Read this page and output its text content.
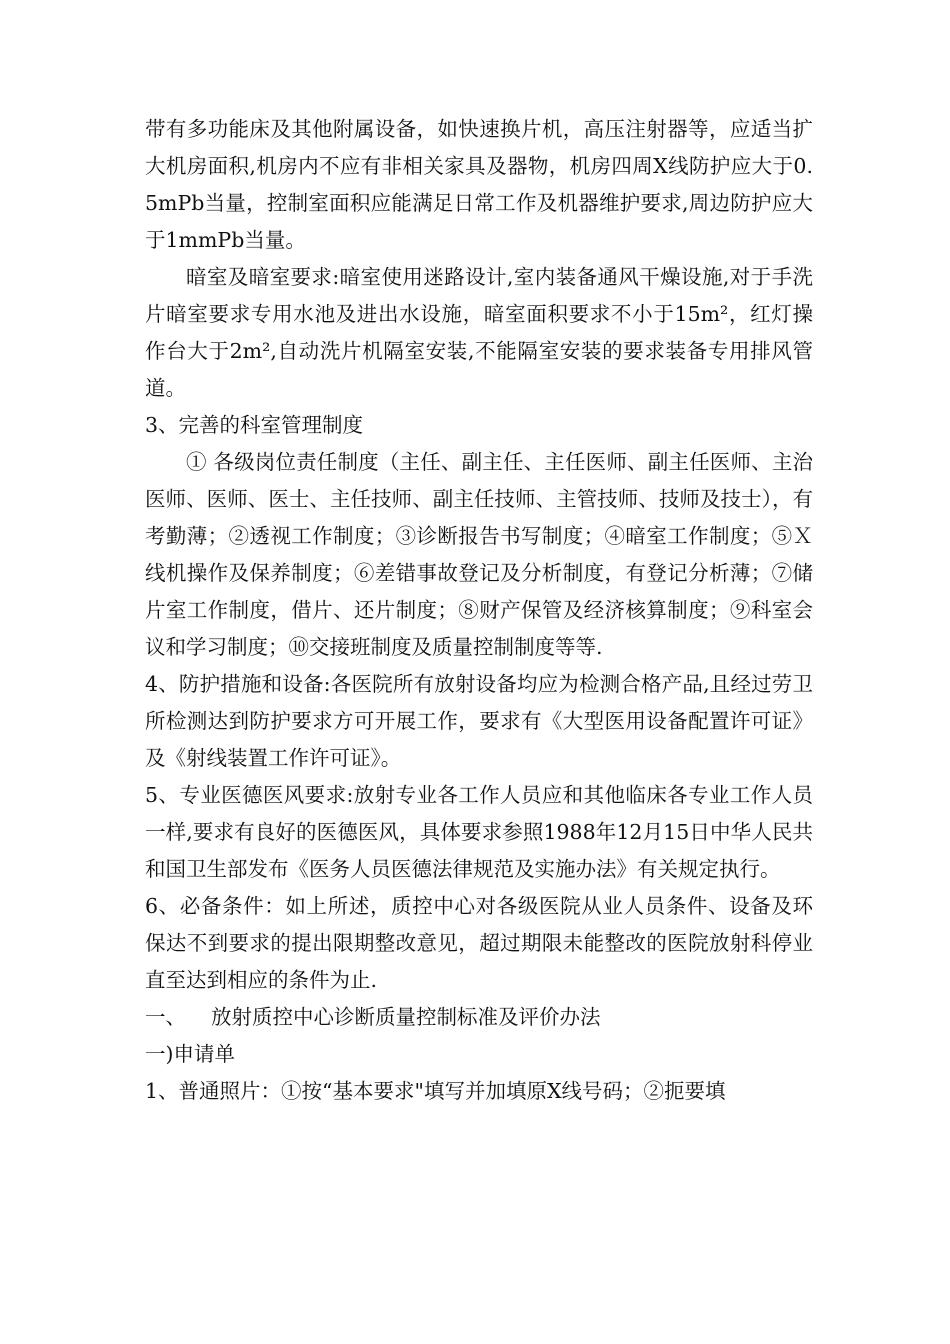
带有多功能床及其他附属设备，如快速换片机，高压注射器等，应适当扩大机房面积,机房内不应有非相关家具及器物，机房四周X线防护应大于0.5mPb当量，控制室面积应能满足日常工作及机器维护要求,周边防护应大于1mmPb当量。

暗室及暗室要求:暗室使用迷路设计,室内装备通风干燥设施,对于手洗片暗室要求专用水池及进出水设施，暗室面积要求不小于15m²，红灯操作台大于2m²,自动洗片机隔室安装,不能隔室安装的要求装备专用排风管道。

3、完善的科室管理制度

① 各级岗位责任制度（主任、副主任、主任医师、副主任医师、主治医师、医师、医士、主任技师、副主任技师、主管技师、技师及技士），有考勤薄；②透视工作制度；③诊断报告书写制度；④暗室工作制度；⑤Ｘ线机操作及保养制度；⑥差错事故登记及分析制度，有登记分析薄；⑦储片室工作制度，借片、还片制度；⑧财产保管及经济核算制度；⑨科室会议和学习制度；⑩交接班制度及质量控制制度等等.

4、防护措施和设备:各医院所有放射设备均应为检测合格产品,且经过劳卫所检测达到防护要求方可开展工作，要求有《大型医用设备配置许可证》及《射线装置工作许可证》。

5、专业医德医风要求:放射专业各工作人员应和其他临床各专业工作人员一样,要求有良好的医德医风，具体要求参照1988年12月15日中华人民共和国卫生部发布《医务人员医德法律规范及实施办法》有关规定执行。

6、必备条件：如上所述，质控中心对各级医院从业人员条件、设备及环保达不到要求的提出限期整改意见，超过期限未能整改的医院放射科停业直至达到相应的条件为止.

一、 放射质控中心诊断质量控制标准及评价办法

一)申请单

1、普通照片：①按“基本要求"填写并加填原X线号码；②扼要填
